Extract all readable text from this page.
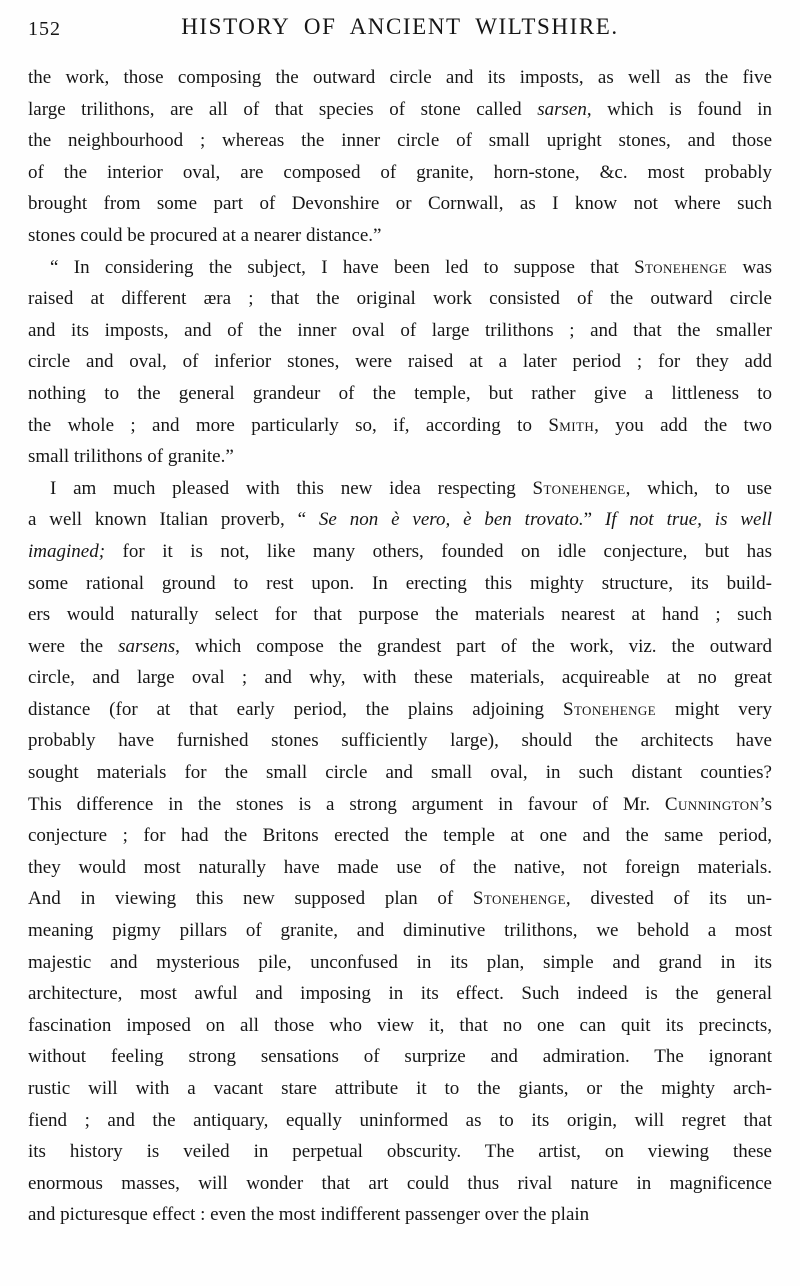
152	HISTORY OF ANCIENT WILTSHIRE.
the work, those composing the outward circle and its imposts, as well as the five
large trilithons, are all of that species of stone called sarsen, which is found in
the neighbourhood ; whereas the inner circle of small upright stones, and those
of the interior oval, are composed of granite, horn-stone, &c. most probably
brought from some part of Devonshire or Cornwall, as I know not where such
stones could be procured at a nearer distance.”
“ In considering the subject, I have been led to suppose that Stonehenge was
raised at different æra ; that the original work consisted of the outward circle
and its imposts, and of the inner oval of large trilithons ; and that the smaller
circle and oval, of inferior stones, were raised at a later period ; for they add
nothing to the general grandeur of the temple, but rather give a littleness to
the whole ; and more particularly so, if, according to Smith, you add the two
small trilithons of granite.”
I am much pleased with this new idea respecting Stonehenge, which, to use
a well known Italian proverb, “ Se non è vero, è ben trovato.” If not true, is well
imagined; for it is not, like many others, founded on idle conjecture, but has
some rational ground to rest upon. In erecting this mighty structure, its build-
ers would naturally select for that purpose the materials nearest at hand ; such
were the sarsens, which compose the grandest part of the work, viz. the outward
circle, and large oval ; and why, with these materials, acquireable at no great
distance (for at that early period, the plains adjoining Stonehenge might very
probably have furnished stones sufficiently large), should the architects have
sought materials for the small circle and small oval, in such distant counties?
This difference in the stones is a strong argument in favour of Mr. Cunnington’s
conjecture ; for had the Britons erected the temple at one and the same period,
they would most naturally have made use of the native, not foreign materials.
And in viewing this new supposed plan of Stonehenge, divested of its un-
meaning pigmy pillars of granite, and diminutive trilithons, we behold a most
majestic and mysterious pile, unconfused in its plan, simple and grand in its
architecture, most awful and imposing in its effect. Such indeed is the general
fascination imposed on all those who view it, that no one can quit its precincts,
without feeling strong sensations of surprize and admiration. The ignorant
rustic will with a vacant stare attribute it to the giants, or the mighty arch-
fiend ; and the antiquary, equally uninformed as to its origin, will regret that
its history is veiled in perpetual obscurity. The artist, on viewing these
enormous masses, will wonder that art could thus rival nature in magnificence
and picturesque effect : even the most indifferent passenger over the plain
